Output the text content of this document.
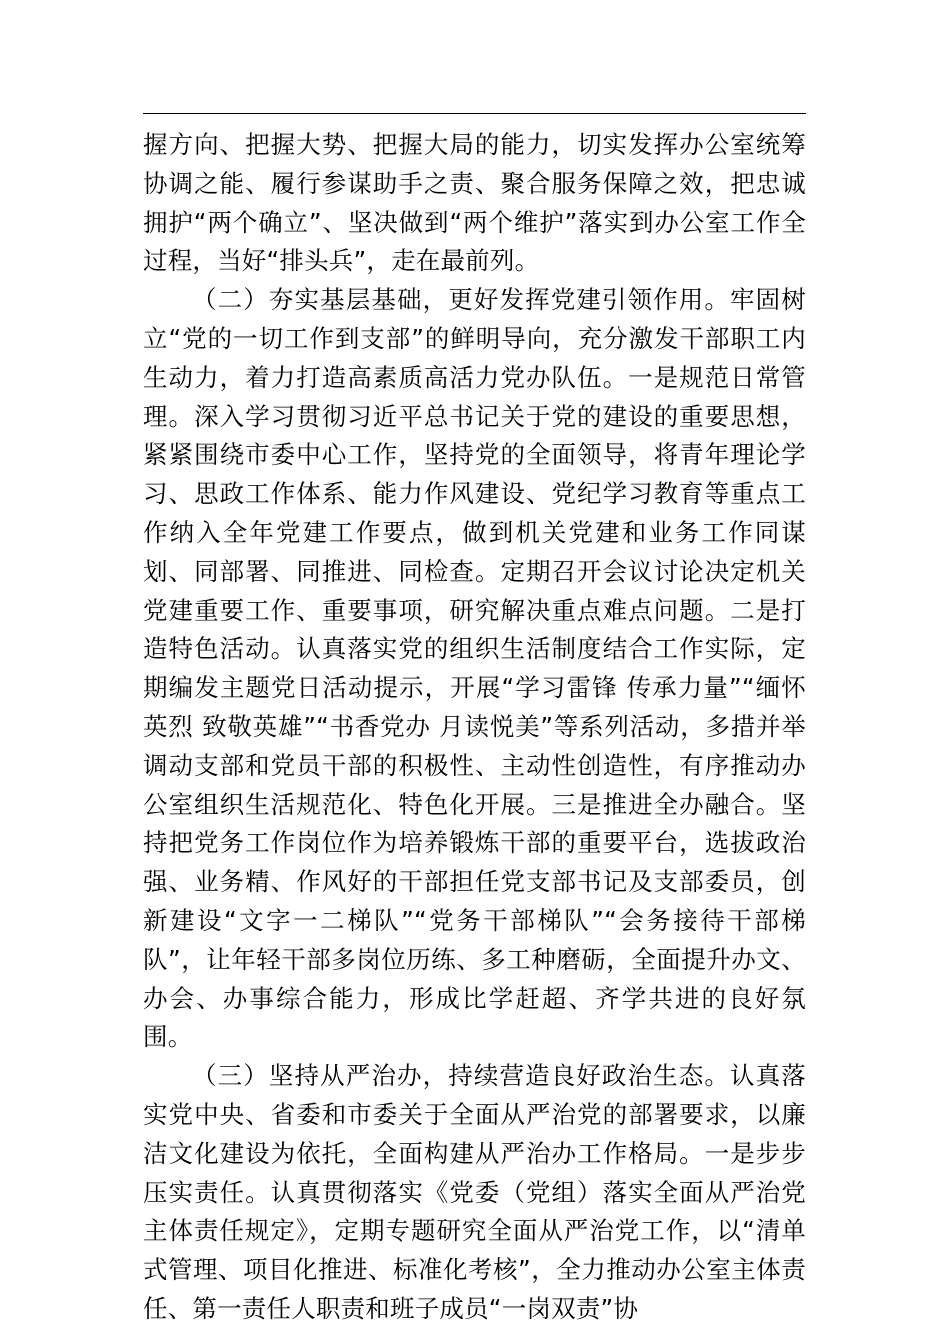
握方向、把握大势、把握大局的能力，切实发挥办公室统筹协调之能、履行参谋助手之责、聚合服务保障之效，把忠诚拥护“两个确立”、坚决做到“两个维护”落实到办公室工作全过程，当好“排头兵”，走在最前列。

（二）夯实基层基础，更好发挥党建引领作用。牢固树立“党的一切工作到支部”的鲜明导向，充分激发干部职工内生动力，着力打造高素质高活力党办队伍。一是规范日常管理。深入学习贯彻习近平总书记关于党的建设的重要思想，紧紧围绕市委中心工作，坚持党的全面领导，将青年理论学习、思政工作体系、能力作风建设、党纪学习教育等重点工作纳入全年党建工作要点，做到机关党建和业务工作同谋划、同部署、同推进、同检查。定期召开会议讨论决定机关党建重要工作、重要事项，研究解决重点难点问题。二是打造特色活动。认真落实党的组织生活制度结合工作实际，定期编发主题党日活动提示，开展“学习雷锋 传承力量”“缅怀英烈 致敬英雄”“书香党办 月读悦美”等系列活动，多措并举调动支部和党员干部的积极性、主动性创造性，有序推动办公室组织生活规范化、特色化开展。三是推进全办融合。坚持把党务工作岗位作为培养锻炼干部的重要平台，选拔政治强、业务精、作风好的干部担任党支部书记及支部委员，创新建设“文字一二梯队”“党务干部梯队”“会务接待干部梯队”，让年轻干部多岗位历练、多工种磨砺，全面提升办文、办会、办事综合能力，形成比学赶超、齐学共进的良好氛围。

（三）坚持从严治办，持续营造良好政治生态。认真落实党中央、省委和市委关于全面从严治党的部署要求，以廉洁文化建设为依托，全面构建从严治办工作格局。一是步步压实责任。认真贯彻落实《党委（党组）落实全面从严治党主体责任规定》，定期专题研究全面从严治党工作，以“清单式管理、项目化推进、标准化考核”，全力推动办公室主体责任、第一责任人职责和班子成员“一岗双责”协
